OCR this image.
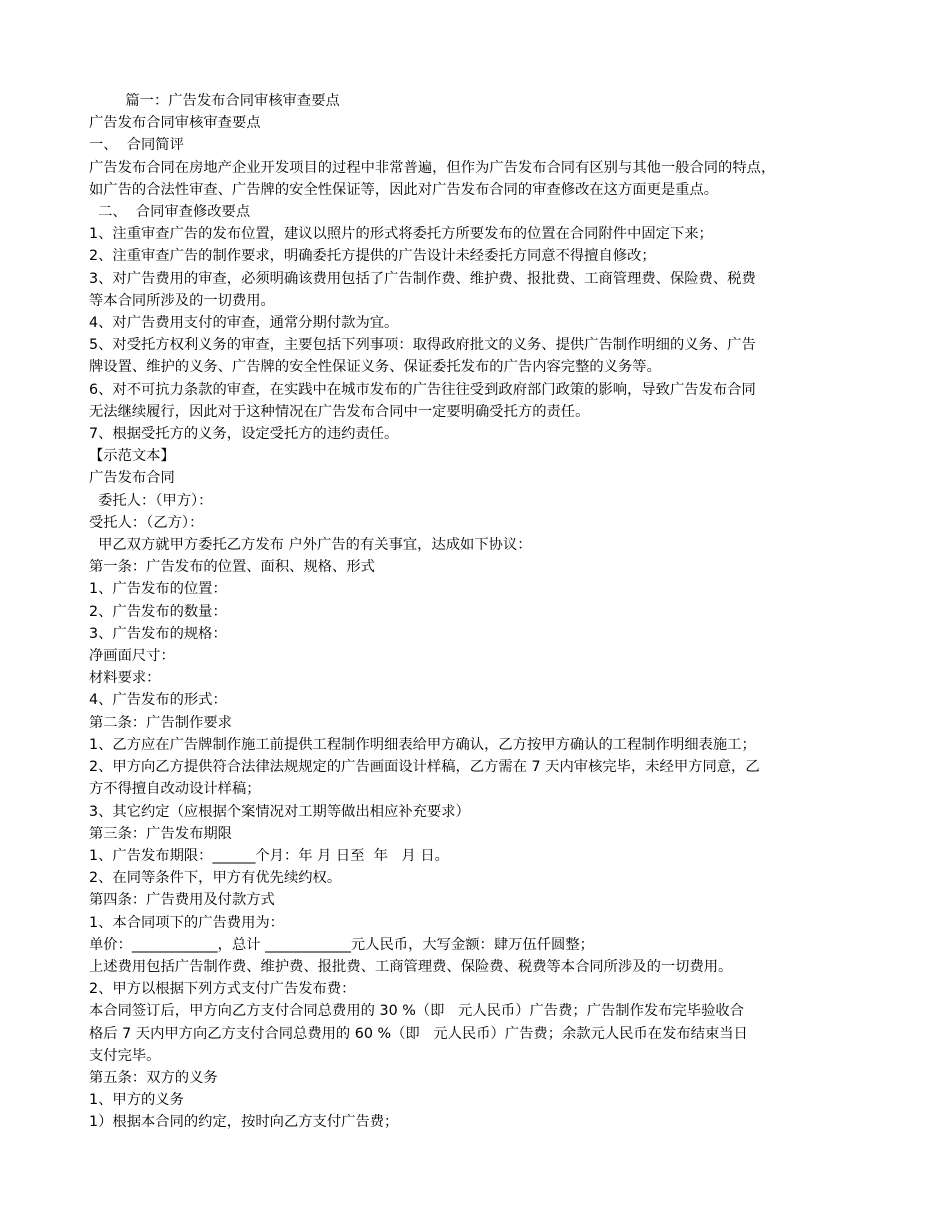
篇一：广告发布合同审核审查要点

广告发布合同审核审查要点

一、  合同简评

广告发布合同在房地产企业开发项目的过程中非常普遍，但作为广告发布合同有区别与其他一般合同的特点，

如广告的合法性审查、广告牌的安全性保证等，因此对广告发布合同的审查修改在这方面更是重点。

二、  合同审查修改要点

1、注重审查广告的发布位置，建议以照片的形式将委托方所要发布的位置在合同附件中固定下来；

2、注重审查广告的制作要求，明确委托方提供的广告设计未经委托方同意不得擅自修改；

3、对广告费用的审查，必须明确该费用包括了广告制作费、维护费、报批费、工商管理费、保险费、税费

等本合同所涉及的一切费用。

4、对广告费用支付的审查，通常分期付款为宜。

5、对受托方权利义务的审查，主要包括下列事项：取得政府批文的义务、提供广告制作明细的义务、广告

牌设置、维护的义务、广告牌的安全性保证义务、保证委托发布的广告内容完整的义务等。

6、对不可抗力条款的审查，在实践中在城市发布的广告往往受到政府部门政策的影响，导致广告发布合同

无法继续履行，因此对于这种情况在广告发布合同中一定要明确受托方的责任。

7、根据受托方的义务，设定受托方的违约责任。

【示范文本】

广告发布合同

委托人：（甲方）：

受托人：（乙方）：

甲乙双方就甲方委托乙方发布 户外广告的有关事宜，达成如下协议：

第一条：广告发布的位置、面积、规格、形式

1、广告发布的位置：

2、广告发布的数量：

3、广告发布的规格：

净画面尺寸：

材料要求：

4、广告发布的形式：

第二条：广告制作要求

1、乙方应在广告牌制作施工前提供工程制作明细表给甲方确认，乙方按甲方确认的工程制作明细表施工；

2、甲方向乙方提供符合法律法规规定的广告画面设计样稿，乙方需在 7 天内审核完毕，未经甲方同意，乙

方不得擅自改动设计样稿；

3、其它约定（应根据个案情况对工期等做出相应补充要求）

第三条：广告发布期限

1、广告发布期限：______个月：年 月 日至  年   月 日。

2、在同等条件下，甲方有优先续约权。

第四条：广告费用及付款方式

1、本合同项下的广告费用为：

单价：____________，总计 ____________元人民币，大写金额：肆万伍仟圆整；

上述费用包括广告制作费、维护费、报批费、工商管理费、保险费、税费等本合同所涉及的一切费用。

2、甲方以根据下列方式支付广告发布费：

本合同签订后，甲方向乙方支付合同总费用的 30 %（即   元人民币）广告费；广告制作发布完毕验收合

格后 7 天内甲方向乙方支付合同总费用的 60 %（即   元人民币）广告费；余款元人民币在发布结束当日

支付完毕。

第五条：双方的义务

1、甲方的义务

1）根据本合同的约定，按时向乙方支付广告费；
